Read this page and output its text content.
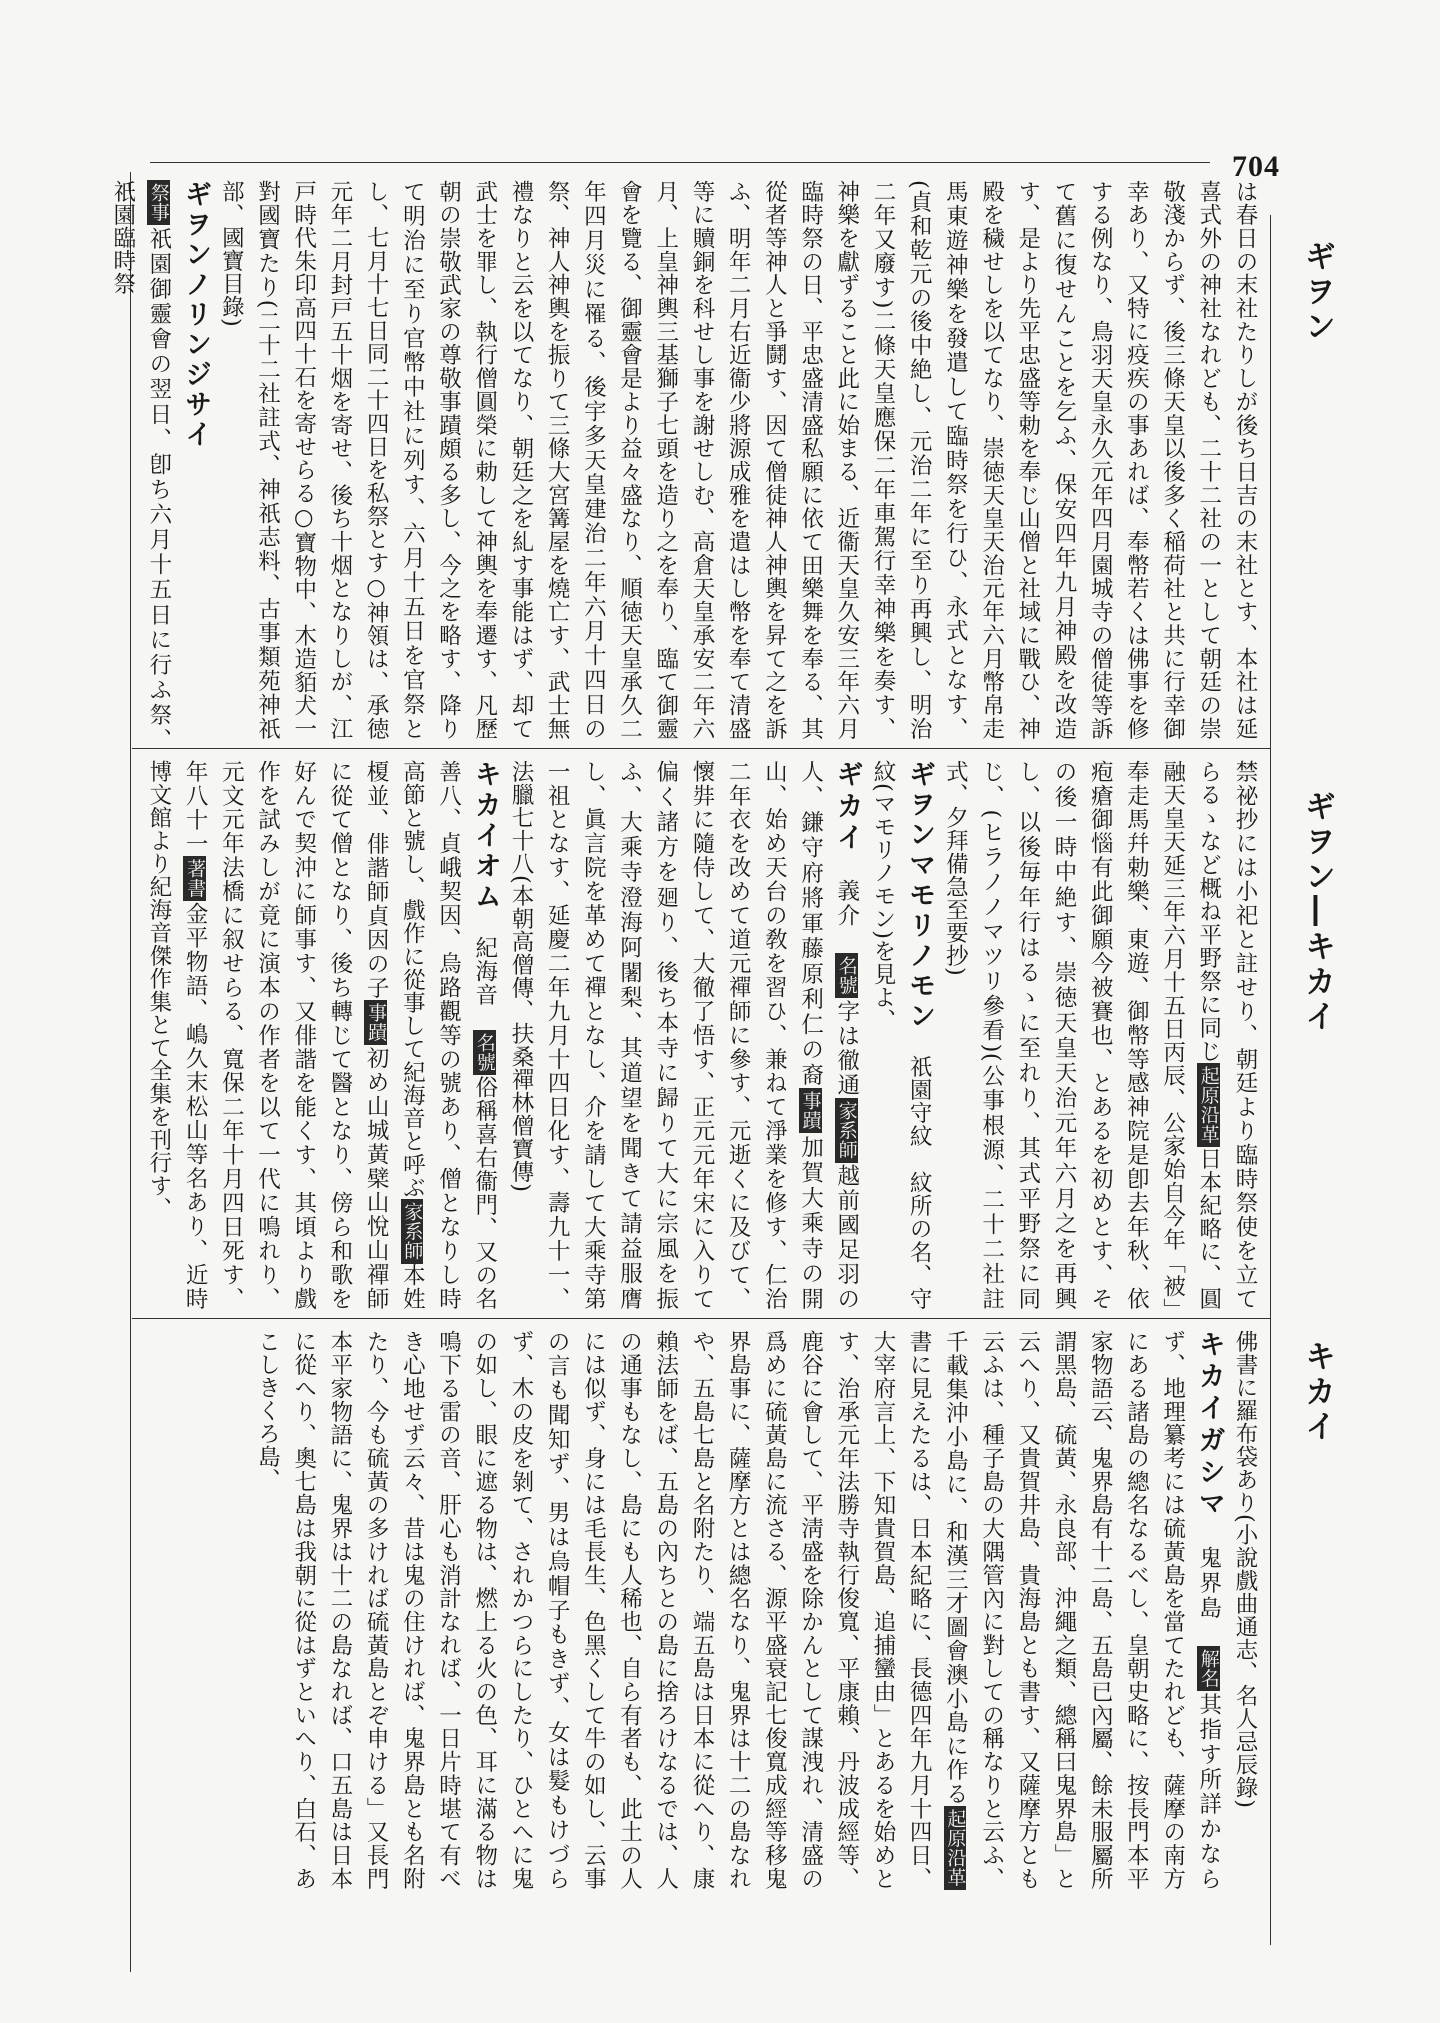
704
ギヲン
ギヲン―キカイ
キカイ

は春日の末社たりしが後ち日吉の末社とす、本社は延喜式外の神社なれども、二十二社の一として朝廷の崇敬淺からず、後三條天皇以後多く稲荷社と共に行幸御幸あり、又特に疫疾の事あれば、奉幣若くは佛事を修する例なり、鳥羽天皇永久元年四月園城寺の僧徒等訴て舊に復せんことを乞ふ、保安四年九月神殿を改造す、是より先平忠盛等勅を奉じ山僧と社域に戰ひ、神殿を穢せしを以てなり、崇徳天皇天治元年六月幣帛走馬東遊神樂を發遣して臨時祭を行ひ、永式となす、(貞和乾元の後中絶し、元治二年に至り再興し、明治二年又廢す)二條天皇應保二年車駕行幸神樂を奏す、神樂を獻ずること此に始まる、近衞天皇久安三年六月臨時祭の日、平忠盛清盛私願に依て田樂舞を奉る、其從者等神人と爭鬪す、因て僧徒神人神輿を昇て之を訴ふ、明年二月右近衞少將源成雅を遣はし幣を奉て清盛等に贖銅を科せし事を謝せしむ、高倉天皇承安二年六月、上皇神輿三基獅子七頭を造り之を奉り、臨て御靈會を覽る、御靈會是より益々盛なり、順徳天皇承久二年四月災に罹る、後宇多天皇建治二年六月十四日の祭、神人神輿を振りて三條大宮篝屋を燒亡す、武士無禮なりと云を以てなり、朝廷之を糺す事能はず、却て武士を罪し、執行僧圓榮に勅して神輿を奉遷す、凡歷朝の崇敬武家の尊敬事蹟頗る多し、今之を略す、降りて明治に至り官幣中社に列す、六月十五日を官祭とし、七月十七日同二十四日を私祭とす○神領は、承徳元年二月封戸五十烟を寄せ、後ち十烟となりしが、江戸時代朱印高四十石を寄せらる○寶物中、木造貊犬一對國寶たり(二十二社註式、神祇志料、古事類苑神祇部、國寶目錄)

ギヲンノリンジサイ

祭事祇園御靈會の翌日、卽ち六月十五日に行ふ祭、　祇園臨時祭

禁祕抄には小祀と註せり、朝廷より臨時祭使を立てらるゝなど概ね平野祭に同じ起原沿革日本紀略に、圓融天皇天延三年六月十五日丙辰、公家始自今年「被」奉走馬幷勅樂、東遊、御幣等感神院是卽去年秋、依疱瘡御惱有此御願今被賽也、とあるを初めとす、その後一時中絶す、崇徳天皇天治元年六月之を再興し、以後毎年行はるゝに至れり、其式平野祭に同じ、(ヒラノノマツリ參看)(公事根源、二十二社註式、夕拜備急至要抄)

ギヲンマモリノモン　祇園守紋　紋所の名、守紋(マモリノモン)を見よ、

ギカイ　義介　名號字は徹通家系師越前國足羽の人、鎌守府將軍藤原利仁の裔事蹟加賀大乘寺の開山、始め天台の敎を習ひ、兼ねて淨業を修す、仁治二年衣を改めて道元禪師に參す、元逝くに及びて、懷弉に隨侍して、大徹了悟す、正元元年宋に入りて偏く諸方を廻り、後ち本寺に歸りて大に宗風を振ふ、大乘寺澄海阿闍梨、其道望を聞きて請益服膺し、眞言院を革めて禪となし、介を請して大乘寺第一祖となす、延慶二年九月十四日化す、壽九十一、法臘七十八(本朝高僧傳、扶桑禪林僧寶傳)

キカイオム　紀海音　名號俗稱喜右衞門、又の名善八、貞峨契因、烏路觀等の號あり、僧となりし時高節と號し、戲作に從事して紀海音と呼ぶ家系師本姓榎並、俳諧師貞因の子事蹟初め山城黃檗山悅山禪師に從て僧となり、後ち轉じて醫となり、傍ら和歌を好んで契沖に師事す、又俳諧を能くす、其頃より戲作を試みしが竟に演本の作者を以て一代に鳴れり、元文元年法橋に叙せらる、寬保二年十月四日死す、年八十一著書金平物語、嶋久末松山等名あり、近時博文館より紀海音傑作集とて全集を刊行す、

佛書に羅布袋あり(小說戲曲通志、名人忌辰錄)

キカイガシマ　鬼界島　解名其指す所詳かならず、地理纂考には硫黃島を當てたれども、薩摩の南方にある諸島の總名なるべし、皇朝史略に、按長門本平家物語云、鬼界島有十二島、五島已內屬、餘未服屬所謂黑島、硫黃、永良部、沖繩之類、總稱曰鬼界島」と云へり、又貴賀井島、貴海島とも書す、又薩摩方とも云ふは、種子島の大隅管內に對しての稱なりと云ふ、千載集沖小島に、和漢三才圖會澳小島に作る起原沿革書に見えたるは、日本紀略に、長德四年九月十四日、大宰府言上、下知貴賀島、追捕蠻由」とあるを始めとす、治承元年法勝寺執行俊寬、平康賴、丹波成經等、鹿谷に會して、平淸盛を除かんとして謀洩れ、清盛の爲めに硫黃島に流さる、源平盛衰記七俊寬成經等移鬼界島事に、薩摩方とは總名なり、鬼界は十二の島なれや、五島七島と名附たり、端五島は日本に從へり、康賴法師をば、五島の內ちとの島に捨ろけなるでは、人の通事もなし、島にも人稀也、自ら有者も、此土の人には似ず、身には毛長生、色黑くして牛の如し、云事の言も聞知ず、男は烏帽子もきず、女は髮もけづらず、木の皮を剝て、されかつらにしたり、ひとへに鬼の如し、眼に遮る物は、燃上る火の色、耳に滿る物は鳴下る雷の音、肝心も消計なれば、一日片時堪て有べき心地せず云々、昔は鬼の住ければ、鬼界島とも名附たり、今も硫黃の多ければ硫黃島とぞ申ける」又長門本平家物語に、鬼界は十二の島なれば、口五島は日本に從へり、奧七島は我朝に從はずといへり、白石、あこしきくろ島、
